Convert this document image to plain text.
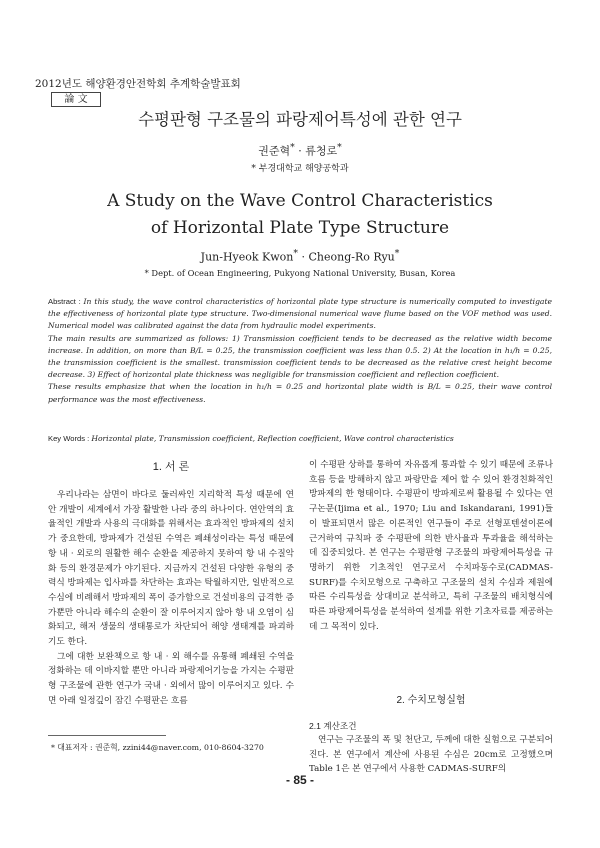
2012년도 해양환경안전학회 추계학술발표회
論 文
수평판형 구조물의 파랑제어특성에 관한 연구
권준혁* · 류청로*
* 부경대학교 해양공학과
A Study on the Wave Control Characteristics
of Horizontal Plate Type Structure
Jun-Hyeok Kwon* · Cheong-Ro Ryu*
* Dept. of Ocean Engineering, Pukyong National University, Busan, Korea

Abstract : In this study, the wave control characteristics of horizontal plate type structure is numerically computed to investigate the effectiveness of horizontal plate type structure. Two-dimensional numerical wave flume based on the VOF method was used. Numerical model was calibrated against the data from hydraulic model experiments.

The main results are summarized as follows: 1) Transmission coefficient tends to be decreased as the relative width become increase. In addition, on more than B/L = 0.25, the transmission coefficient was less than 0.5. 2) At the location in h₁/h = 0.25, the transmission coefficient is the smallest. transmission coefficient tends to be decreased as the relative crest height become decrease. 3) Effect of horizontal plate thickness was negligible for transmission coefficient and reflection coefficient.

These results emphasize that when the location in h₁/h = 0.25 and horizontal plate width is B/L = 0.25, their wave control performance was the most effectiveness.

Key Words : Horizontal plate, Transmission coefficient, Reflection coefficient, Wave control characteristics
1. 서 론

우리나라는 삼면이 바다로 둘러싸인 지리학적 특성 때문에 연안 개발이 세계에서 가장 활발한 나라 중의 하나이다. 연안역의 효율적인 개발과 사용의 극대화를 위해서는 효과적인 방파제의 설치가 중요한데, 방파제가 건설된 수역은 폐쇄성이라는 특성 때문에 항 내 · 외로의 원활한 해수 순환을 제공하지 못하여 항 내 수질악화 등의 환경문제가 야기된다. 지금까지 건설된 다양한 유형의 중력식 방파제는 입사파를 차단하는 효과는 탁월하지만, 일반적으로 수심에 비례해서 방파제의 폭이 증가함으로 건설비용의 급격한 증가뿐만 아니라 해수의 순환이 잘 이루어지지 않아 항 내 오염이 심화되고, 해저 생물의 생태통로가 차단되어 해양 생태계를 파괴하기도 한다.

그에 대한 보완책으로 항 내 · 외 해수를 유통해 폐쇄된 수역을 정화하는 데 이바지할 뿐만 아니라 파랑제어기능을 가지는 수평판형 구조물에 관한 연구가 국내 · 외에서 많이 이루어지고 있다. 수면 아래 일정깊이 잠긴 수평판은 흐름

이 수평판 상하를 통하여 자유롭게 통과할 수 있기 때문에 조류나 흐름 등을 방해하지 않고 파랑만을 제어 할 수 있어 환경친화적인 방파제의 한 형태이다. 수평판이 방파제로써 활용될 수 있다는 연구논문(Ijima et al., 1970; Liu and Iskandarani, 1991)들이 발표되면서 많은 이론적인 연구들이 주로 선형포텐셜이론에 근거하여 규칙파 중 수평판에 의한 반사율과 투과율을 해석하는 데 집중되었다. 본 연구는 수평판형 구조물의 파랑제어특성을 규명하기 위한 기초적인 연구로서 수치파동수로(CADMAS-SURF)를 수치모형으로 구축하고 구조물의 설치 수심과 제원에 따른 수리특성을 상대비교 분석하고, 특히 구조물의 배치형식에 따른 파랑제어특성을 분석하여 설계를 위한 기초자료를 제공하는데 그 목적이 있다.

2. 수치모형실험
2.1 계산조건

연구는 구조물의 폭 및 천단고, 두께에 대한 실험으로 구분되어 진다. 본 연구에서 계산에 사용된 수심은 20cm로 고정했으며 Table 1은 본 연구에서 사용한 CADMAS-SURF의

* 대표저자 : 권준혁, zzini44@naver.com, 010-8604-3270
- 85 -
